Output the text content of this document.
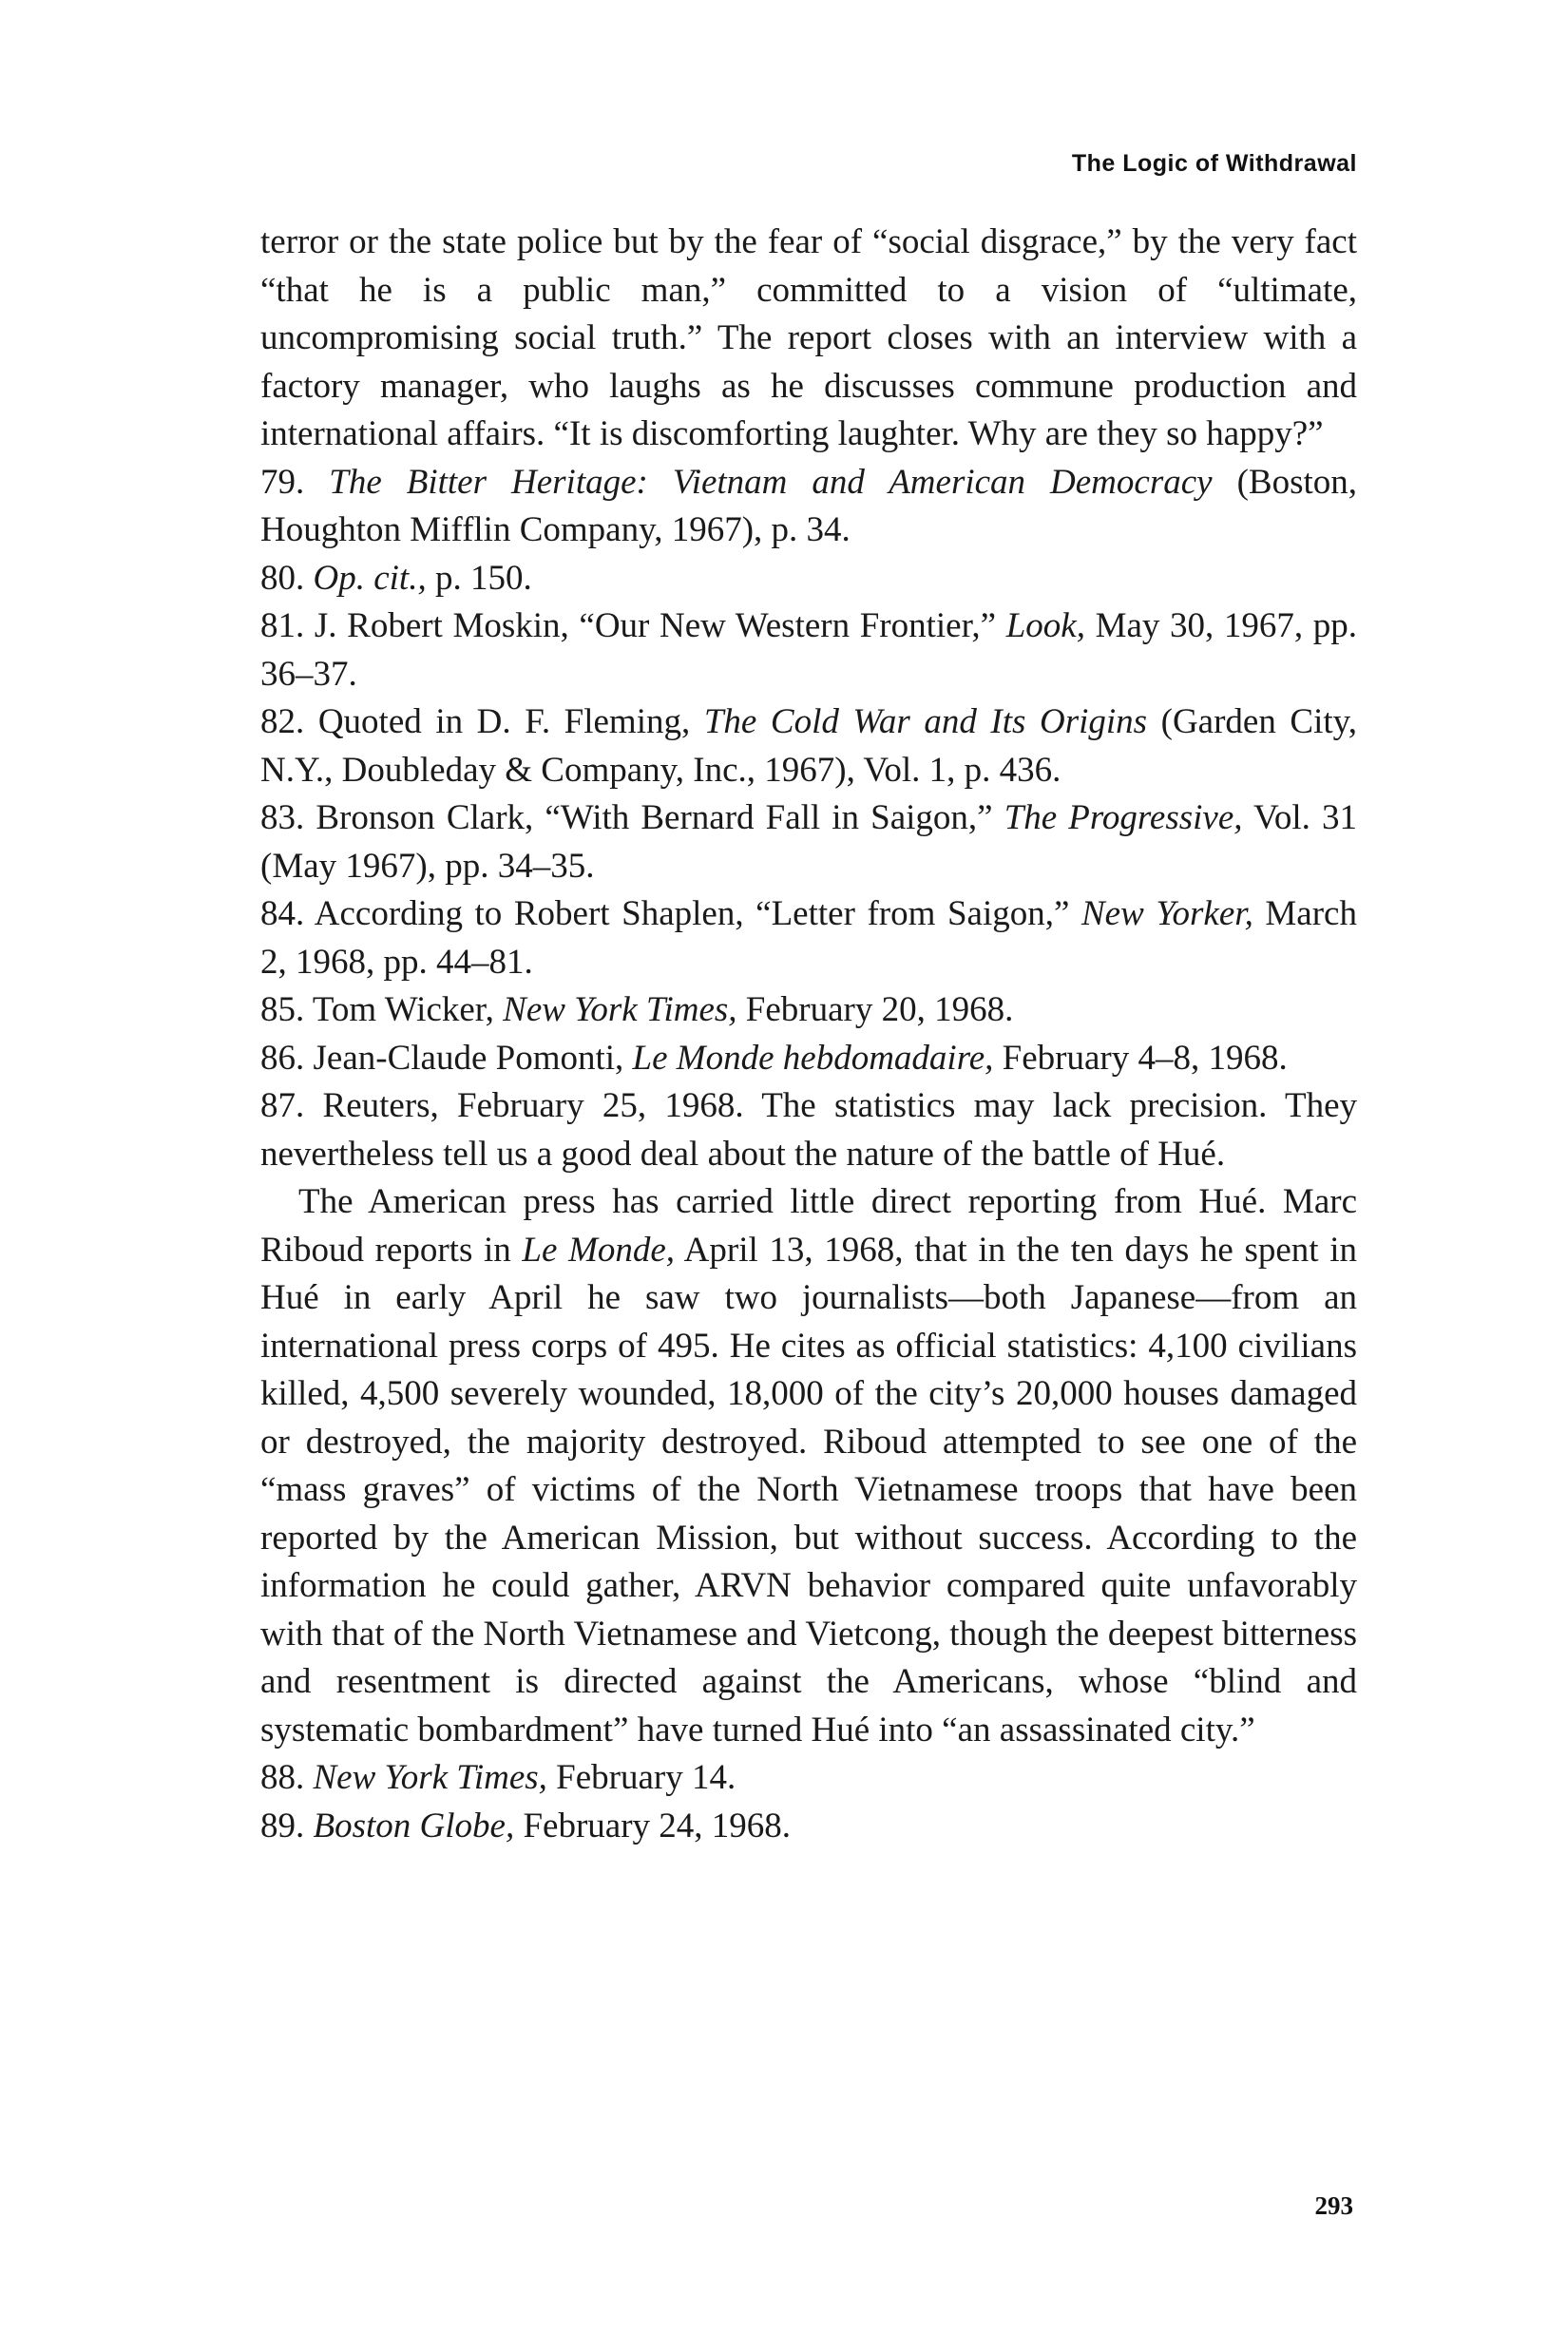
The Logic of Withdrawal

terror or the state police but by the fear of “social disgrace,” by the very fact “that he is a public man,” committed to a vision of “ultimate, uncompromising social truth.” The report closes with an interview with a factory manager, who laughs as he discusses commune production and international affairs. “It is discomforting laughter. Why are they so happy?”

79. The Bitter Heritage: Vietnam and American Democracy (Boston, Houghton Mifflin Company, 1967), p. 34.

80. Op. cit., p. 150.

81. J. Robert Moskin, “Our New Western Frontier,” Look, May 30, 1967, pp. 36–37.

82. Quoted in D. F. Fleming, The Cold War and Its Origins (Garden City, N.Y., Doubleday & Company, Inc., 1967), Vol. 1, p. 436.

83. Bronson Clark, “With Bernard Fall in Saigon,” The Progressive, Vol. 31 (May 1967), pp. 34–35.

84. According to Robert Shaplen, “Letter from Saigon,” New Yorker, March 2, 1968, pp. 44–81.

85. Tom Wicker, New York Times, February 20, 1968.

86. Jean-Claude Pomonti, Le Monde hebdomadaire, February 4–8, 1968.

87. Reuters, February 25, 1968. The statistics may lack precision. They nevertheless tell us a good deal about the nature of the battle of Hué.

The American press has carried little direct reporting from Hué. Marc Riboud reports in Le Monde, April 13, 1968, that in the ten days he spent in Hué in early April he saw two journalists—both Japanese—from an international press corps of 495. He cites as official statistics: 4,100 civilians killed, 4,500 severely wounded, 18,000 of the city’s 20,000 houses damaged or destroyed, the majority destroyed. Riboud attempted to see one of the “mass graves” of victims of the North Vietnamese troops that have been reported by the American Mission, but without success. According to the information he could gather, ARVN behavior compared quite unfavorably with that of the North Vietnamese and Vietcong, though the deepest bitterness and resentment is directed against the Americans, whose “blind and systematic bombardment” have turned Hué into “an assassinated city.”

88. New York Times, February 14.

89. Boston Globe, February 24, 1968.

293
